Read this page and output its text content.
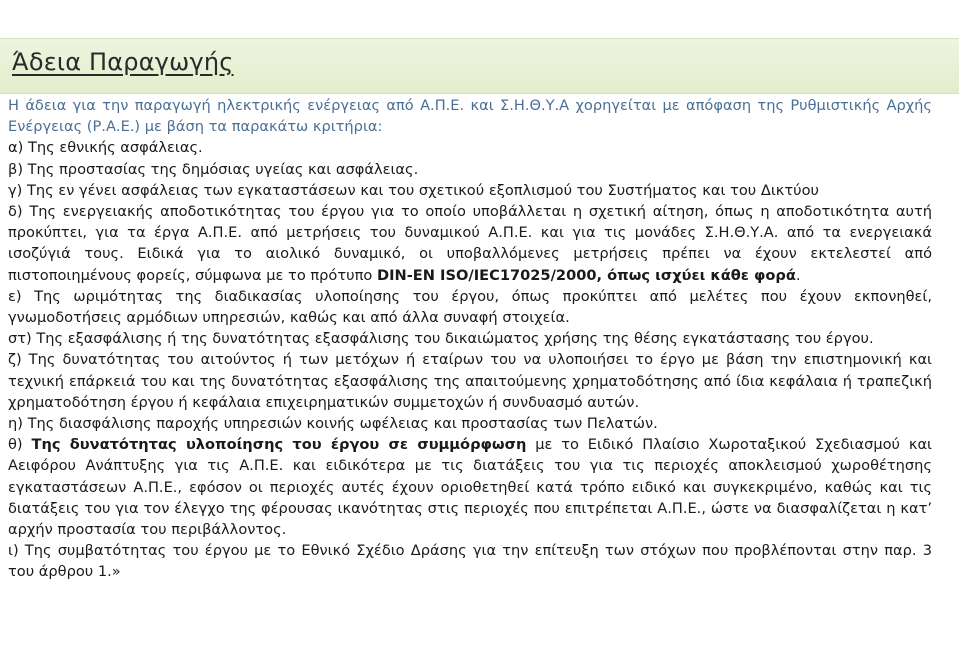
Άδεια Παραγωγής

Η άδεια για την παραγωγή ηλεκτρικής ενέργειας από Α.Π.Ε. και Σ.Η.Θ.Υ.Α χορηγείται με απόφαση της Ρυθμιστικής Αρχής Ενέργειας (Ρ.Α.Ε.) με βάση τα παρακάτω κριτήρια:

α) Της εθνικής ασφάλειας.

β) Της προστασίας της δημόσιας υγείας και ασφάλειας.

γ) Της εν γένει ασφάλειας των εγκαταστάσεων και του σχετικού εξοπλισμού του Συστήματος και του Δικτύου

δ) Της ενεργειακής αποδοτικότητας του έργου για το οποίο υποβάλλεται η σχετική αίτηση, όπως η αποδοτικότητα αυτή προκύπτει, για τα έργα Α.Π.Ε. από μετρήσεις του δυναμικού Α.Π.Ε. και για τις μονάδες Σ.Η.Θ.Υ.Α. από τα ενεργειακά ισοζύγιά τους. Ειδικά για το αιολικό δυναμικό, οι υποβαλλόμενες μετρήσεις πρέπει να έχουν εκτελεστεί από πιστοποιημένους φορείς, σύμφωνα με το πρότυπο DIN-EN ISO/IEC17025/2000, όπως ισχύει κάθε φορά.

ε) Της ωριμότητας της διαδικασίας υλοποίησης του έργου, όπως προκύπτει από μελέτες που έχουν εκπονηθεί, γνωμοδοτήσεις αρμόδιων υπηρεσιών, καθώς και από άλλα συναφή στοιχεία.

στ) Της εξασφάλισης ή της δυνατότητας εξασφάλισης του δικαιώματος χρήσης της θέσης εγκατάστασης του έργου.

ζ) Της δυνατότητας του αιτούντος ή των μετόχων ή εταίρων του να υλοποιήσει το έργο με βάση την επιστημονική και τεχνική επάρκειά του και της δυνατότητας εξασφάλισης της απαιτούμενης χρηματοδότησης από ίδια κεφάλαια ή τραπεζική χρηματοδότηση έργου ή κεφάλαια επιχειρηματικών συμμετοχών ή συνδυασμό αυτών.

η) Της διασφάλισης παροχής υπηρεσιών κοινής ωφέλειας και προστασίας των Πελατών.

θ) Της δυνατότητας υλοποίησης του έργου σε συμμόρφωση με το Ειδικό Πλαίσιο Χωροταξικού Σχεδιασμού και Αειφόρου Ανάπτυξης για τις Α.Π.Ε. και ειδικότερα με τις διατάξεις του για τις περιοχές αποκλεισμού χωροθέτησης εγκαταστάσεων Α.Π.Ε., εφόσον οι περιοχές αυτές έχουν οριοθετηθεί κατά τρόπο ειδικό και συγκεκριμένο, καθώς και τις διατάξεις του για τον έλεγχο της φέρουσας ικανότητας στις περιοχές που επιτρέπεται Α.Π.Ε., ώστε να διασφαλίζεται η κατ’ αρχήν προστασία του περιβάλλοντος.

ι) Της συμβατότητας του έργου με το Εθνικό Σχέδιο Δράσης για την επίτευξη των στόχων που προβλέπονται στην παρ. 3 του άρθρου 1.»
